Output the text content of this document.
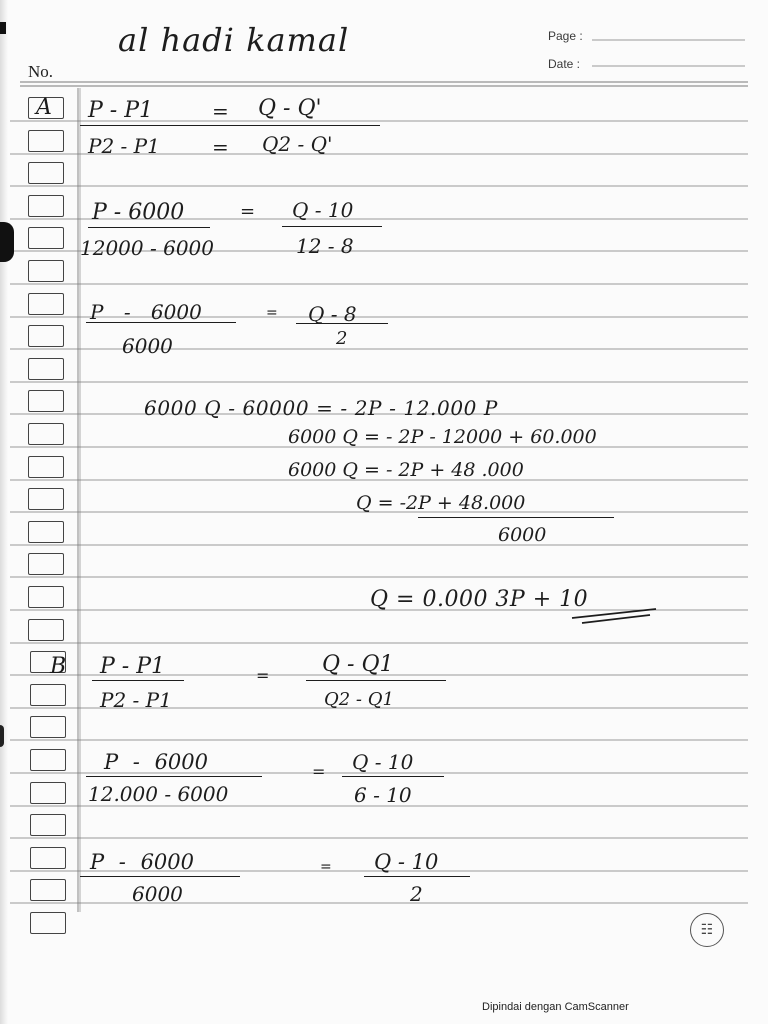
al hadi kamal
No.
Page :
Date :
A P - P1	= Q - Q'
P2 - P1	= Q2 - Q'
P - 6000	= Q - 10
12000 - 6000	12 - 8
P - 6000	= Q - 8
6000	2
6000 Q - 60000 = - 2P - 12.000 P
6000 Q = - 2P - 12000 + 60.000
6000 Q = - 2P + 48 .000
Q = -2P + 48.000
6000
Q = 0.000 3P + 10
B P - P1	= Q - Q1
P2 - P1	Q2 - Q1
P - 6000	= Q - 10
12.000 - 6000	6 - 10
P - 6000	= Q - 10
6000	2
☷
Dipindai dengan CamScanner
